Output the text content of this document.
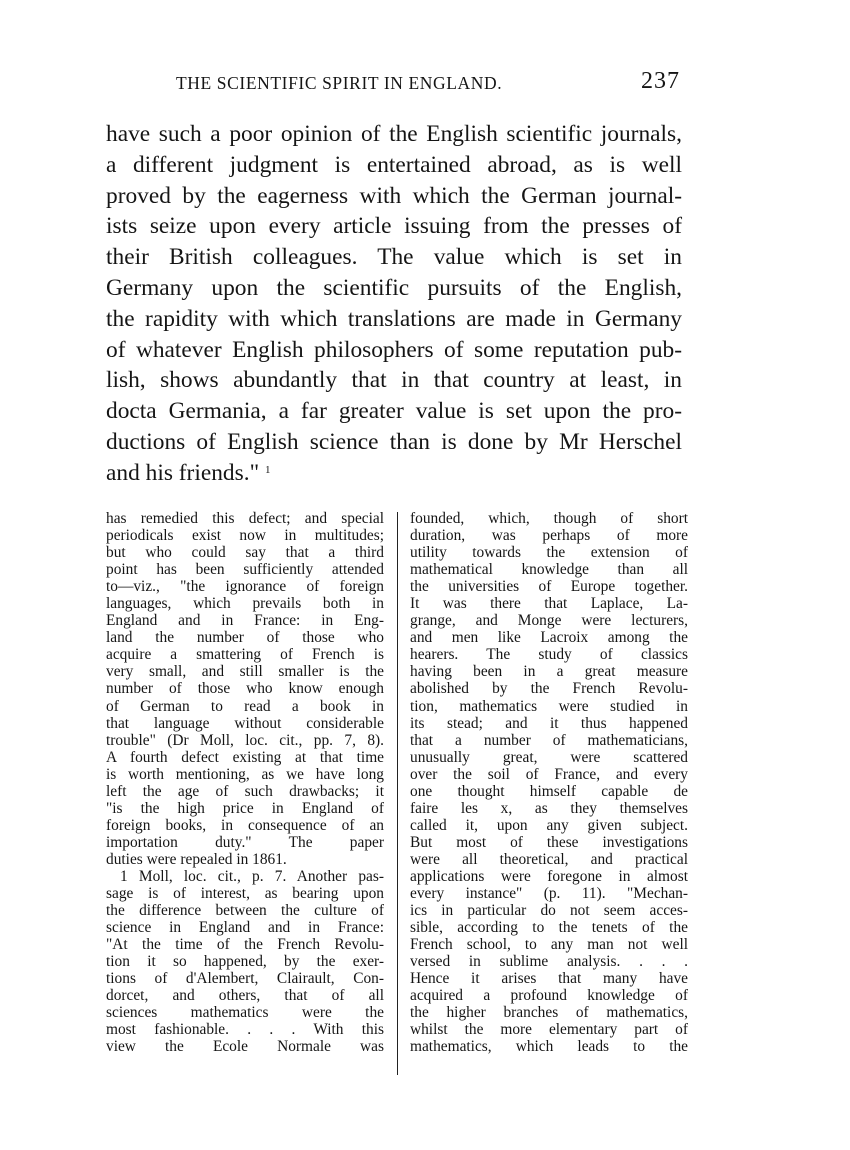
THE SCIENTIFIC SPIRIT IN ENGLAND.	237
have such a poor opinion of the English scientific journals,
a different judgment is entertained abroad, as is well
proved by the eagerness with which the German journal-
ists seize upon every article issuing from the presses of
their British colleagues. The value which is set in
Germany upon the scientific pursuits of the English,
the rapidity with which translations are made in Germany
of whatever English philosophers of some reputation pub-
lish, shows abundantly that in that country at least, in
docta Germania, a far greater value is set upon the pro-
ductions of English science than is done by Mr Herschel
and his friends." $^1$
has remedied this defect; and special
periodicals exist now in multitudes;
but who could say that a third
point has been sufficiently attended
to—viz., "the ignorance of foreign
languages, which prevails both in
England and in France: in Eng-
land the number of those who
acquire a smattering of French is
very small, and still smaller is the
number of those who know enough
of German to read a book in
that language without considerable
trouble" (Dr Moll, loc. cit., pp. 7, 8).
A fourth defect existing at that time
is worth mentioning, as we have long
left the age of such drawbacks; it
"is the high price in England of
foreign books, in consequence of an
importation duty." The paper
duties were repealed in 1861.
1 Moll, loc. cit., p. 7. Another pas-
sage is of interest, as bearing upon
the difference between the culture of
science in England and in France:
"At the time of the French Revolu-
tion it so happened, by the exer-
tions of d'Alembert, Clairault, Con-
dorcet, and others, that of all
sciences mathematics were the
most fashionable. . . . With this
view the Ecole Normale was
founded, which, though of short
duration, was perhaps of more
utility towards the extension of
mathematical knowledge than all
the universities of Europe together.
It was there that Laplace, La-
grange, and Monge were lecturers,
and men like Lacroix among the
hearers. The study of classics
having been in a great measure
abolished by the French Revolu-
tion, mathematics were studied in
its stead; and it thus happened
that a number of mathematicians,
unusually great, were scattered
over the soil of France, and every
one thought himself capable de
faire les x, as they themselves
called it, upon any given subject.
But most of these investigations
were all theoretical, and practical
applications were foregone in almost
every instance" (p. 11). "Mechan-
ics in particular do not seem acces-
sible, according to the tenets of the
French school, to any man not well
versed in sublime analysis. . . .
Hence it arises that many have
acquired a profound knowledge of
the higher branches of mathematics,
whilst the more elementary part of
mathematics, which leads to the
